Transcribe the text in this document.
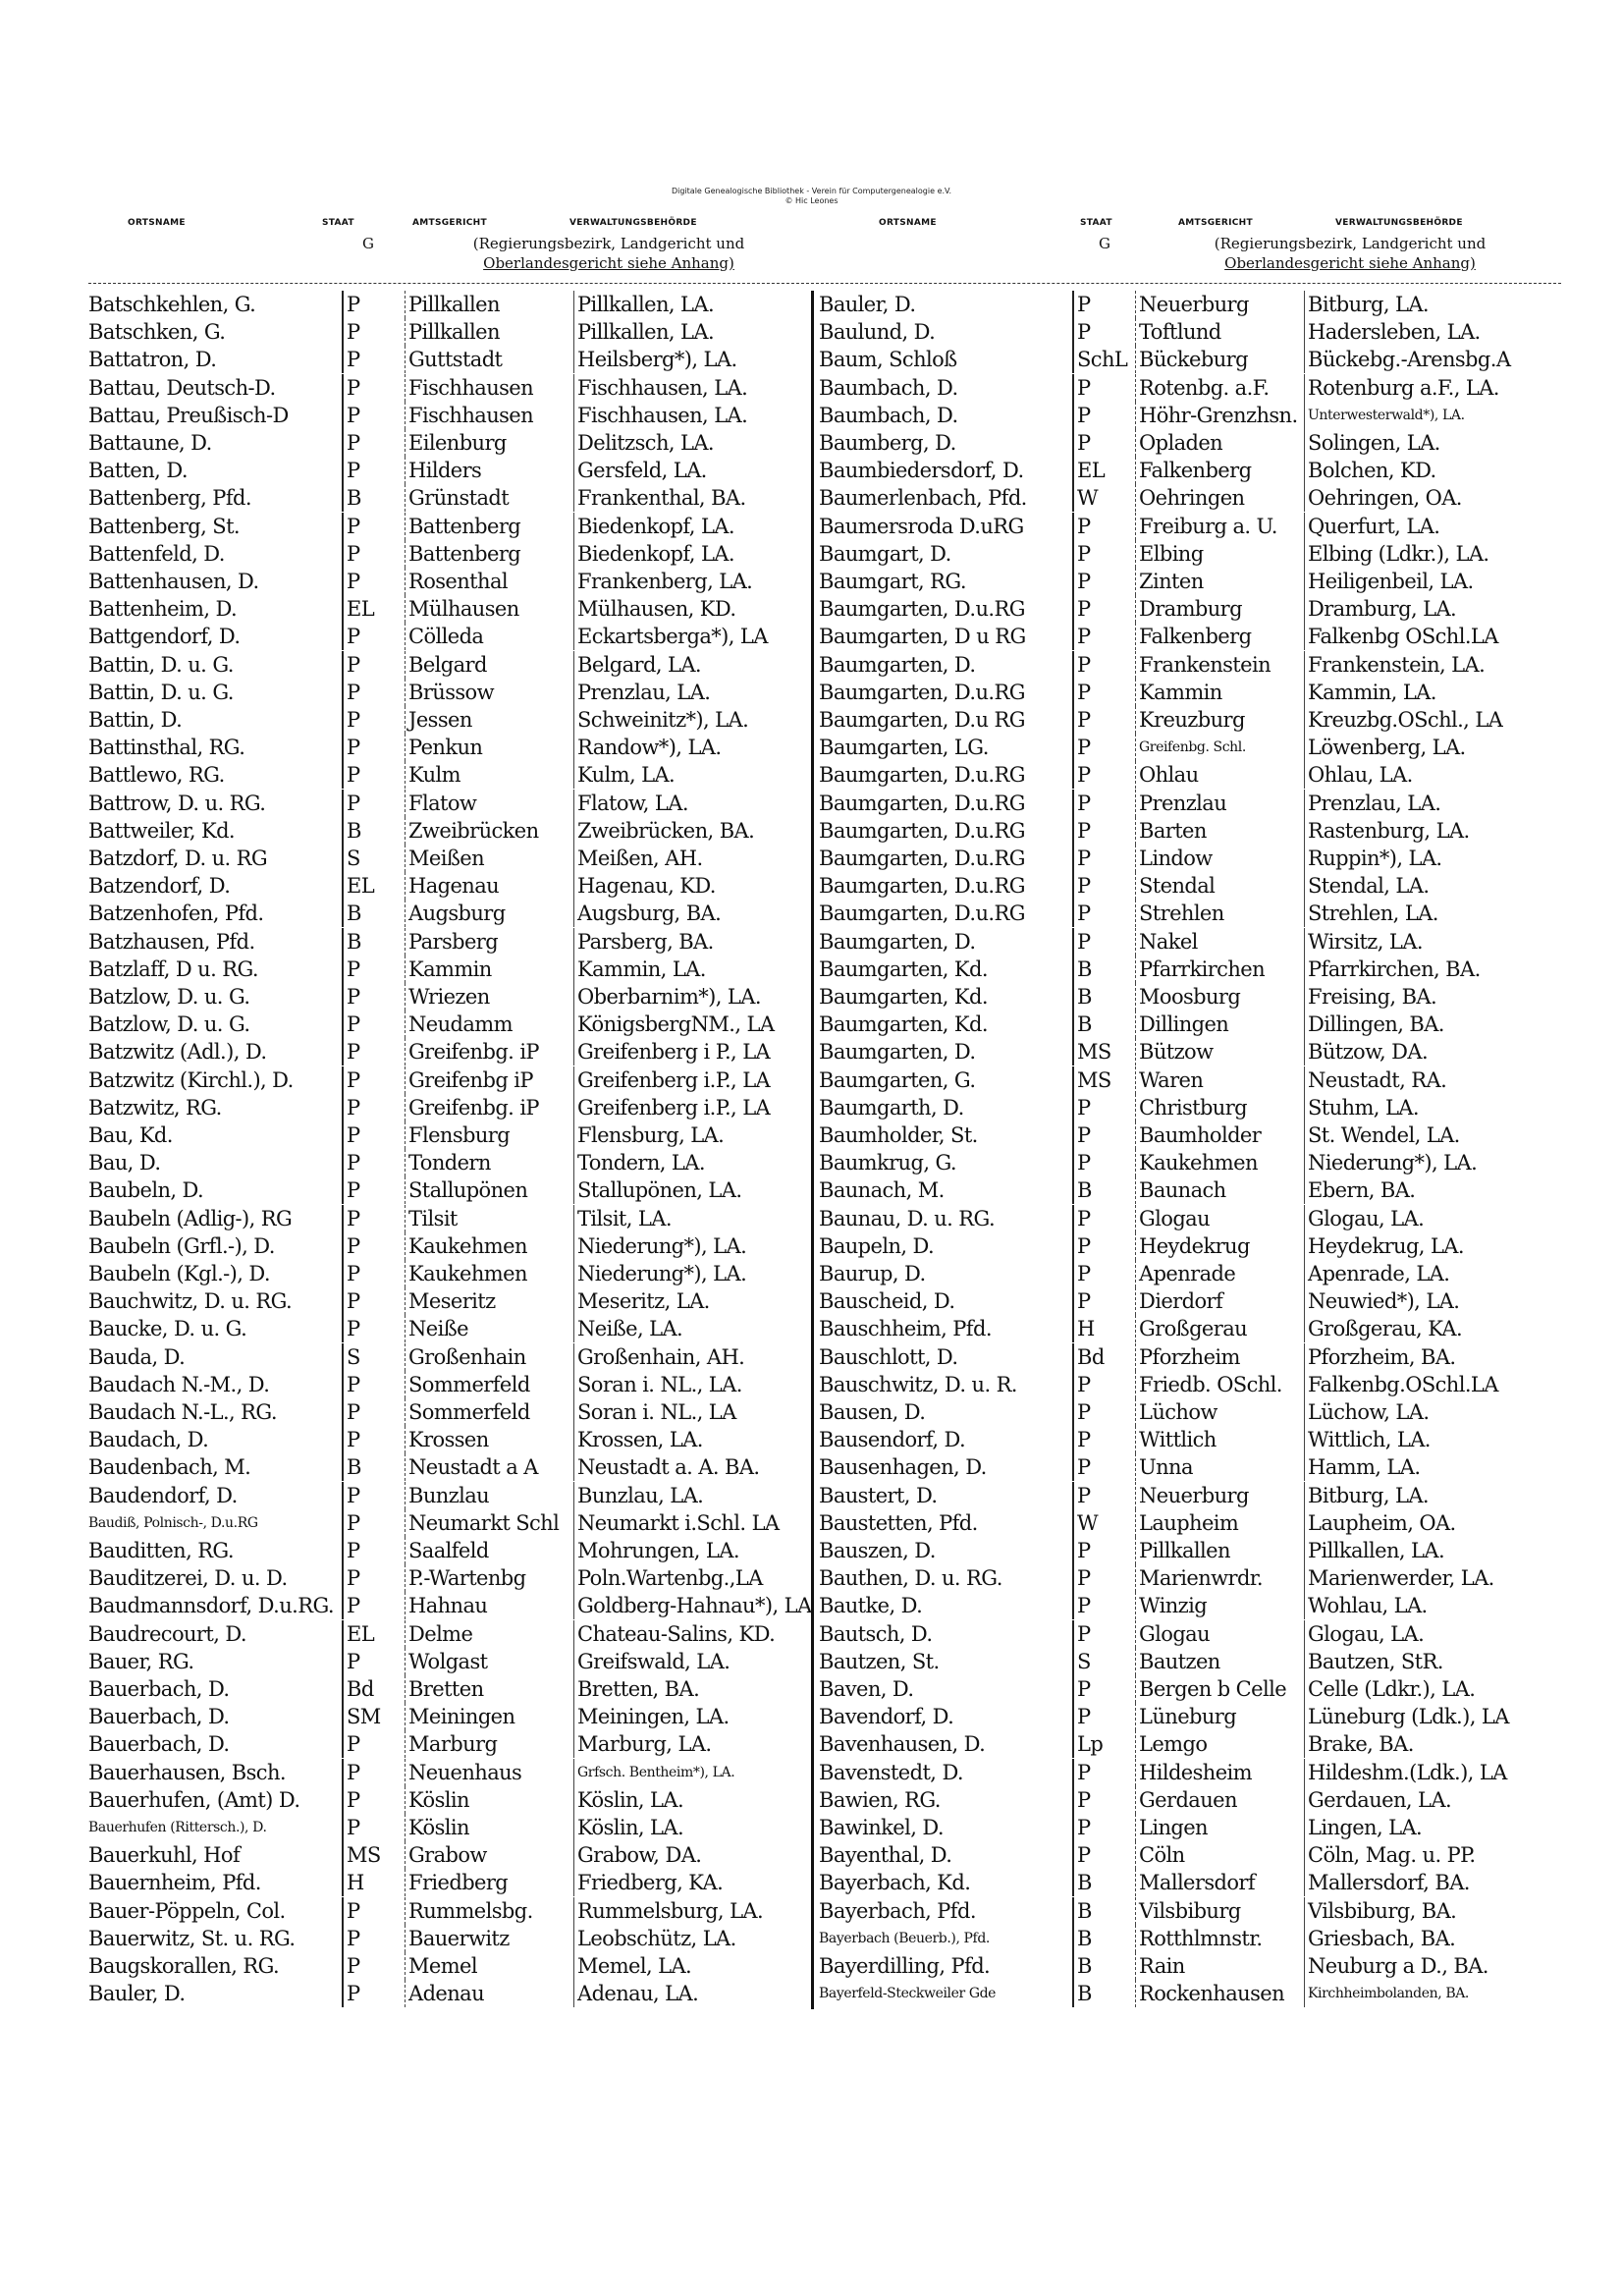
Digitale Genealogische Bibliothek - Verein für Computergenealogie e.V.
© Hic Leones
ORTSNAME	STAAT	AMTSGERICHT	VERWALTUNGSBEHÖRDE	ORTSNAME	STAAT	AMTSGERICHT	VERWALTUNGSBEHÖRDE
G	(Regierungsbezirk, Landgericht und
Oberlandesgericht siehe Anhang)
G	(Regierungsbezirk, Landgericht und
Oberlandesgericht siehe Anhang)
Batschkehlen, G.	P	Pillkallen	Pillkallen, LA.
Batschken, G.	P	Pillkallen	Pillkallen, LA.
Battatron, D.	P	Guttstadt	Heilsberg*), LA.
Battau, Deutsch-D.	P	Fischhausen	Fischhausen, LA.
Battau, Preußisch-D	P	Fischhausen	Fischhausen, LA.
Battaune, D.	P	Eilenburg	Delitzsch, LA.
Batten, D.	P	Hilders	Gersfeld, LA.
Battenberg, Pfd.	B	Grünstadt	Frankenthal, BA.
Battenberg, St.	P	Battenberg	Biedenkopf, LA.
Battenfeld, D.	P	Battenberg	Biedenkopf, LA.
Battenhausen, D.	P	Rosenthal	Frankenberg, LA.
Battenheim, D.	EL	Mülhausen	Mülhausen, KD.
Battgendorf, D.	P	Cölleda	Eckartsberga*), LA
Battin, D. u. G.	P	Belgard	Belgard, LA.
Battin, D. u. G.	P	Brüssow	Prenzlau, LA.
Battin, D.	P	Jessen	Schweinitz*), LA.
Battinsthal, RG.	P	Penkun	Randow*), LA.
Battlewo, RG.	P	Kulm	Kulm, LA.
Battrow, D. u. RG.	P	Flatow	Flatow, LA.
Battweiler, Kd.	B	Zweibrücken	Zweibrücken, BA.
Batzdorf, D. u. RG	S	Meißen	Meißen, AH.
Batzendorf, D.	EL	Hagenau	Hagenau, KD.
Batzenhofen, Pfd.	B	Augsburg	Augsburg, BA.
Batzhausen, Pfd.	B	Parsberg	Parsberg, BA.
Batzlaff, D u. RG.	P	Kammin	Kammin, LA.
Batzlow, D. u. G.	P	Wriezen	Oberbarnim*), LA.
Batzlow, D. u. G.	P	Neudamm	KönigsbergNM., LA
Batzwitz (Adl.), D.	P	Greifenbg. iP	Greifenberg i P., LA
Batzwitz (Kirchl.), D.	P	Greifenbg iP	Greifenberg i.P., LA
Batzwitz, RG.	P	Greifenbg. iP	Greifenberg i.P., LA
Bau, Kd.	P	Flensburg	Flensburg, LA.
Bau, D.	P	Tondern	Tondern, LA.
Baubeln, D.	P	Stallupönen	Stallupönen, LA.
Baubeln (Adlig-), RG	P	Tilsit	Tilsit, LA.
Baubeln (Grfl.-), D.	P	Kaukehmen	Niederung*), LA.
Baubeln (Kgl.-), D.	P	Kaukehmen	Niederung*), LA.
Bauchwitz, D. u. RG.	P	Meseritz	Meseritz, LA.
Baucke, D. u. G.	P	Neiße	Neiße, LA.
Bauda, D.	S	Großenhain	Großenhain, AH.
Baudach N.-M., D.	P	Sommerfeld	Soran i. NL., LA.
Baudach N.-L., RG.	P	Sommerfeld	Soran i. NL., LA
Baudach, D.	P	Krossen	Krossen, LA.
Baudenbach, M.	B	Neustadt a A	Neustadt a. A. BA.
Baudendorf, D.	P	Bunzlau	Bunzlau, LA.
Baudiß, Polnisch-, D.u.RG	P	Neumarkt Schl Neumarkt i.Schl. LA
Bauditten, RG.	P	Saalfeld	Mohrungen, LA.
Bauditzerei, D. u. D.	P	P.-Wartenbg	Poln.Wartenbg.,LA
Baudmannsdorf, D.u.RG. P	Hahnau	Goldberg-Hahnau*), LA
Baudrecourt, D.	EL	Delme	Chateau-Salins, KD.
Bauer, RG.	P	Wolgast	Greifswald, LA.
Bauerbach, D.	Bd	Bretten	Bretten, BA.
Bauerbach, D.	SM	Meiningen	Meiningen, LA.
Bauerbach, D.	P	Marburg	Marburg, LA.
Bauerhausen, Bsch.	P	Neuenhaus	Grfsch. Bentheim*), LA.
Bauerhufen, (Amt) D.	P	Köslin	Köslin, LA.
Bauerhufen (Rittersch.), D.	P	Köslin	Köslin, LA.
Bauerkuhl, Hof	MS	Grabow	Grabow, DA.
Bauernheim, Pfd.	H	Friedberg	Friedberg, KA.
Bauer-Pöppeln, Col.	P	Rummelsbg.	Rummelsburg, LA.
Bauerwitz, St. u. RG.	P	Bauerwitz	Leobschütz, LA.
Baugskorallen, RG.	P	Memel	Memel, LA.
Bauler, D.	P	Adenau	Adenau, LA.
Bauler, D.	P	Neuerburg	Bitburg, LA.
Baulund, D.	P	Toftlund	Hadersleben, LA.
Baum, Schloß	SchL Bückeburg	Bückebg.-Arensbg.A
Baumbach, D.	P	Rotenbg. a.F.	Rotenburg a.F., LA.
Baumbach, D.	P	Höhr-Grenzhsn. Unterwesterwald*), LA.
Baumberg, D.	P	Opladen	Solingen, LA.
Baumbiedersdorf, D.	EL	Falkenberg	Bolchen, KD.
Baumerlenbach, Pfd.	W	Oehringen	Oehringen, OA.
Baumersroda D.uRG	P	Freiburg a. U.	Querfurt, LA.
Baumgart, D.	P	Elbing	Elbing (Ldkr.), LA.
Baumgart, RG.	P	Zinten	Heiligenbeil, LA.
Baumgarten, D.u.RG	P	Dramburg	Dramburg, LA.
Baumgarten, D u RG	P	Falkenberg	Falkenbg OSchl.LA
Baumgarten, D.	P	Frankenstein	Frankenstein, LA.
Baumgarten, D.u.RG	P	Kammin	Kammin, LA.
Baumgarten, D.u RG	P	Kreuzburg	Kreuzbg.OSchl., LA
Baumgarten, LG.	P	Greifenbg. Schl.	Löwenberg, LA.
Baumgarten, D.u.RG	P	Ohlau	Ohlau, LA.
Baumgarten, D.u.RG	P	Prenzlau	Prenzlau, LA.
Baumgarten, D.u.RG	P	Barten	Rastenburg, LA.
Baumgarten, D.u.RG	P	Lindow	Ruppin*), LA.
Baumgarten, D.u.RG	P	Stendal	Stendal, LA.
Baumgarten, D.u.RG	P	Strehlen	Strehlen, LA.
Baumgarten, D.	P	Nakel	Wirsitz, LA.
Baumgarten, Kd.	B	Pfarrkirchen	Pfarrkirchen, BA.
Baumgarten, Kd.	B	Moosburg	Freising, BA.
Baumgarten, Kd.	B	Dillingen	Dillingen, BA.
Baumgarten, D.	MS	Bützow	Bützow, DA.
Baumgarten, G.	MS	Waren	Neustadt, RA.
Baumgarth, D.	P	Christburg	Stuhm, LA.
Baumholder, St.	P	Baumholder	St. Wendel, LA.
Baumkrug, G.	P	Kaukehmen	Niederung*), LA.
Baunach, M.	B	Baunach	Ebern, BA.
Baunau, D. u. RG.	P	Glogau	Glogau, LA.
Baupeln, D.	P	Heydekrug	Heydekrug, LA.
Baurup, D.	P	Apenrade	Apenrade, LA.
Bauscheid, D.	P	Dierdorf	Neuwied*), LA.
Bauschheim, Pfd.	H	Großgerau	Großgerau, KA.
Bauschlott, D.	Bd	Pforzheim	Pforzheim, BA.
Bauschwitz, D. u. R.	P	Friedb. OSchl.	Falkenbg.OSchl.LA
Bausen, D.	P	Lüchow	Lüchow, LA.
Bausendorf, D.	P	Wittlich	Wittlich, LA.
Bausenhagen, D.	P	Unna	Hamm, LA.
Baustert, D.	P	Neuerburg	Bitburg, LA.
Baustetten, Pfd.	W	Laupheim	Laupheim, OA.
Bauszen, D.	P	Pillkallen	Pillkallen, LA.
Bauthen, D. u. RG.	P	Marienwrdr.	Marienwerder, LA.
Bautke, D.	P	Winzig	Wohlau, LA.
Bautsch, D.	P	Glogau	Glogau, LA.
Bautzen, St.	S	Bautzen	Bautzen, StR.
Baven, D.	P	Bergen b Celle	Celle (Ldkr.), LA.
Bavendorf, D.	P	Lüneburg	Lüneburg (Ldk.), LA
Bavenhausen, D.	Lp	Lemgo	Brake, BA.
Bavenstedt, D.	P	Hildesheim	Hildeshm.(Ldk.), LA
Bawien, RG.	P	Gerdauen	Gerdauen, LA.
Bawinkel, D.	P	Lingen	Lingen, LA.
Bayenthal, D.	P	Cöln	Cöln, Mag. u. PP.
Bayerbach, Kd.	B	Mallersdorf	Mallersdorf, BA.
Bayerbach, Pfd.	B	Vilsbiburg	Vilsbiburg, BA.
Bayerbach (Beuerb.), Pfd.	B	Rotthlmnstr.	Griesbach, BA.
Bayerdilling, Pfd.	B	Rain	Neuburg a D., BA.
Bayerfeld-Steckweiler Gde	B	Rockenhausen	Kirchheimbolanden, BA.
